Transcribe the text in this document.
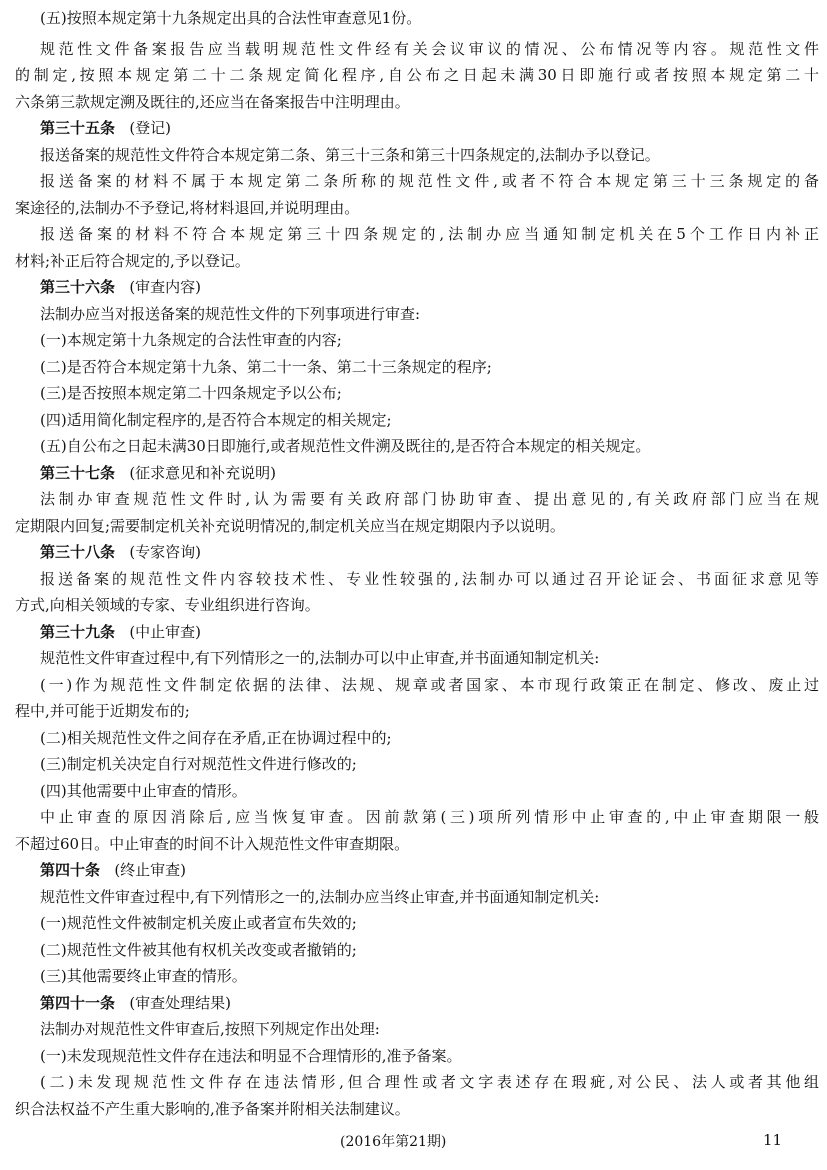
(五)按照本规定第十九条规定出具的合法性审查意见1份。
规范性文件备案报告应当载明规范性文件经有关会议审议的情况、公布情况等内容。规范性文件
的制定,按照本规定第二十二条规定简化程序,自公布之日起未满30日即施行或者按照本规定第二十
六条第三款规定溯及既往的,还应当在备案报告中注明理由。
第三十五条 (登记)
报送备案的规范性文件符合本规定第二条、第三十三条和第三十四条规定的,法制办予以登记。
报送备案的材料不属于本规定第二条所称的规范性文件,或者不符合本规定第三十三条规定的备
案途径的,法制办不予登记,将材料退回,并说明理由。
报送备案的材料不符合本规定第三十四条规定的,法制办应当通知制定机关在5个工作日内补正
材料;补正后符合规定的,予以登记。
第三十六条 (审查内容)
法制办应当对报送备案的规范性文件的下列事项进行审查:
(一)本规定第十九条规定的合法性审查的内容;
(二)是否符合本规定第十九条、第二十一条、第二十三条规定的程序;
(三)是否按照本规定第二十四条规定予以公布;
(四)适用简化制定程序的,是否符合本规定的相关规定;
(五)自公布之日起未满30日即施行,或者规范性文件溯及既往的,是否符合本规定的相关规定。
第三十七条 (征求意见和补充说明)
法制办审查规范性文件时,认为需要有关政府部门协助审查、提出意见的,有关政府部门应当在规
定期限内回复;需要制定机关补充说明情况的,制定机关应当在规定期限内予以说明。
第三十八条 (专家咨询)
报送备案的规范性文件内容较技术性、专业性较强的,法制办可以通过召开论证会、书面征求意见等
方式,向相关领域的专家、专业组织进行咨询。
第三十九条 (中止审查)
规范性文件审查过程中,有下列情形之一的,法制办可以中止审查,并书面通知制定机关:
(一)作为规范性文件制定依据的法律、法规、规章或者国家、本市现行政策正在制定、修改、废止过
程中,并可能于近期发布的;
(二)相关规范性文件之间存在矛盾,正在协调过程中的;
(三)制定机关决定自行对规范性文件进行修改的;
(四)其他需要中止审查的情形。
中止审查的原因消除后,应当恢复审查。因前款第(三)项所列情形中止审查的,中止审查期限一般
不超过60日。中止审查的时间不计入规范性文件审查期限。
第四十条 (终止审查)
规范性文件审查过程中,有下列情形之一的,法制办应当终止审查,并书面通知制定机关:
(一)规范性文件被制定机关废止或者宣布失效的;
(二)规范性文件被其他有权机关改变或者撤销的;
(三)其他需要终止审查的情形。
第四十一条 (审查处理结果)
法制办对规范性文件审查后,按照下列规定作出处理:
(一)未发现规范性文件存在违法和明显不合理情形的,准予备案。
(二)未发现规范性文件存在违法情形,但合理性或者文字表述存在瑕疵,对公民、法人或者其他组
织合法权益不产生重大影响的,准予备案并附相关法制建议。
(2016年第21期)	11
